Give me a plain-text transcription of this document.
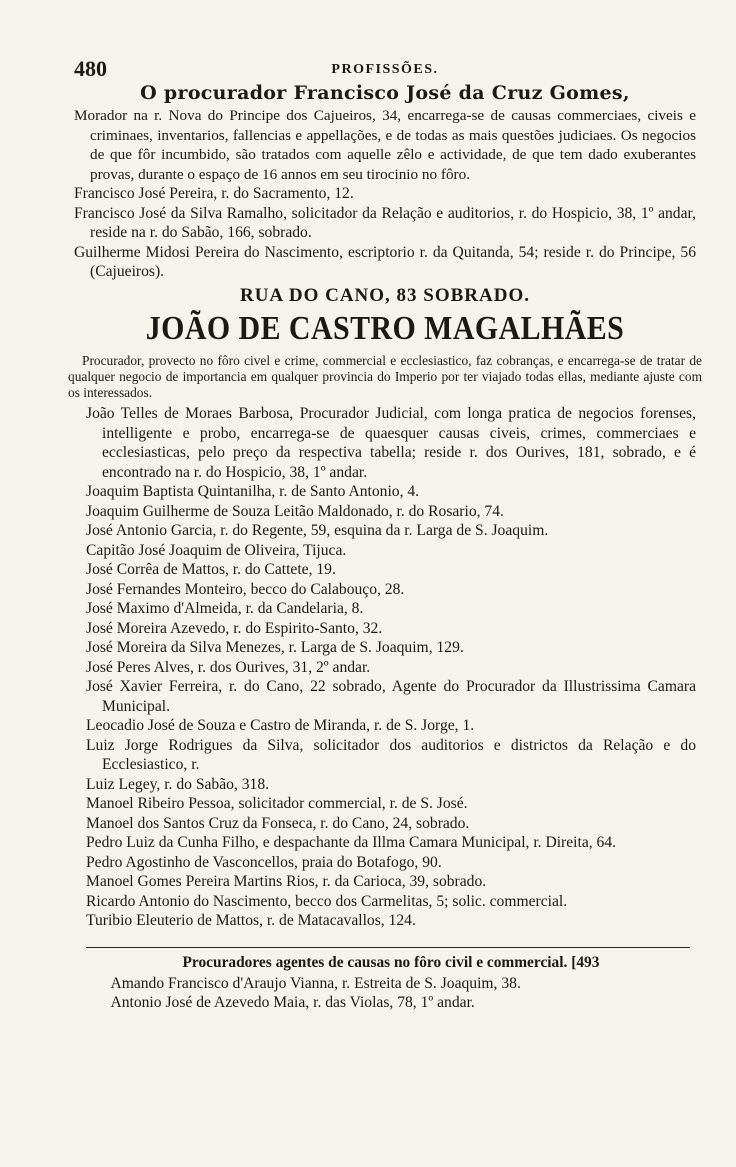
480	PROFISSÕES.
O procurador Francisco José da Cruz Gomes,
Morador na r. Nova do Principe dos Cajueiros, 34, encarrega-se de causas commerciaes, civeis e criminaes, inventarios, fallencias e appellações, e de todas as mais questões judiciaes. Os negocios de que fôr incumbido, são tratados com aquelle zêlo e actividade, de que tem dado exuberantes provas, durante o espaço de 16 annos em seu tirocinio no fôro.
Francisco José Pereira, r. do Sacramento, 12.
Francisco José da Silva Ramalho, solicitador da Relação e auditorios, r. do Hospicio, 38, 1º andar, reside na r. do Sabão, 166, sobrado.
Guilherme Midosi Pereira do Nascimento, escriptorio r. da Quitanda, 54; reside r. do Principe, 56 (Cajueiros).
RUA DO CANO, 83 SOBRADO.
JOÃO DE CASTRO MAGALHÃES
Procurador, provecto no fôro civel e crime, commercial e ecclesiastico, faz cobranças, e encarrega-se de tratar de qualquer negocio de importancia em qualquer provincia do Imperio por ter viajado todas ellas, mediante ajuste com os interessados.
João Telles de Moraes Barbosa, Procurador Judicial, com longa pratica de negocios forenses, intelligente e probo, encarrega-se de quaesquer causas civeis, crimes, commerciaes e ecclesiasticas, pelo preço da respectiva tabella; reside r. dos Ourives, 181, sobrado, e é encontrado na r. do Hospicio, 38, 1º andar.
Joaquim Baptista Quintanilha, r. de Santo Antonio, 4.
Joaquim Guilherme de Souza Leitão Maldonado, r. do Rosario, 74.
José Antonio Garcia, r. do Regente, 59, esquina da r. Larga de S. Joaquim.
Capitão José Joaquim de Oliveira, Tijuca.
José Corrêa de Mattos, r. do Cattete, 19.
José Fernandes Monteiro, becco do Calabouço, 28.
José Maximo d'Almeida, r. da Candelaria, 8.
José Moreira Azevedo, r. do Espirito-Santo, 32.
José Moreira da Silva Menezes, r. Larga de S. Joaquim, 129.
José Peres Alves, r. dos Ourives, 31, 2º andar.
José Xavier Ferreira, r. do Cano, 22 sobrado, Agente do Procurador da Illustrissima Camara Municipal.
Leocadio José de Souza e Castro de Miranda, r. de S. Jorge, 1.
Luiz Jorge Rodrigues da Silva, solicitador dos auditorios e districtos da Relação e do Ecclesiastico, r.
Luiz Legey, r. do Sabão, 318.
Manoel Ribeiro Pessoa, solicitador commercial, r. de S. José.
Manoel dos Santos Cruz da Fonseca, r. do Cano, 24, sobrado.
Pedro Luiz da Cunha Filho, e despachante da Illma Camara Municipal, r. Direita, 64.
Pedro Agostinho de Vasconcellos, praia do Botafogo, 90.
Manoel Gomes Pereira Martins Rios, r. da Carioca, 39, sobrado.
Ricardo Antonio do Nascimento, becco dos Carmelitas, 5; solic. commercial.
Turibio Eleuterio de Mattos, r. de Matacavallos, 124.
Procuradores agentes de causas no fôro civil e commercial. [493
Amando Francisco d'Araujo Vianna, r. Estreita de S. Joaquim, 38.
Antonio José de Azevedo Maia, r. das Violas, 78, 1º andar.
